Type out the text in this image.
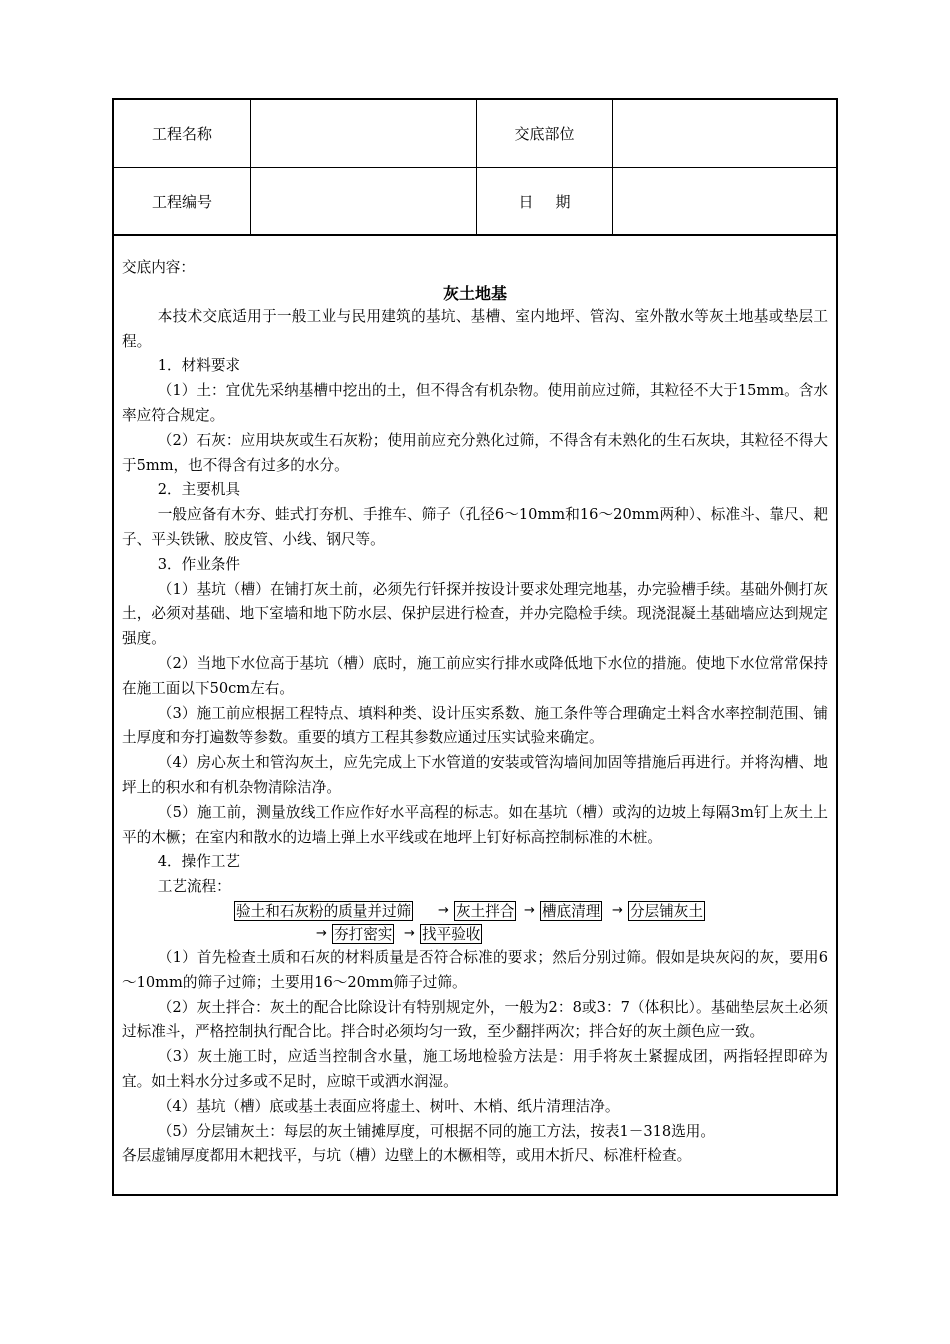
工程名称	交底部位
工程编号	日 期

交底内容：

灰土地基

本技术交底适用于一般工业与民用建筑的基坑、基槽、室内地坪、管沟、室外散水等灰土地基或垫层工程。

1．材料要求

（1）土：宜优先采纳基槽中挖出的土，但不得含有机杂物。使用前应过筛，其粒径不大于15mm。含水率应符合规定。

（2）石灰：应用块灰或生石灰粉；使用前应充分熟化过筛，不得含有未熟化的生石灰块，其粒径不得大于5mm，也不得含有过多的水分。

2．主要机具

一般应备有木夯、蛙式打夯机、手推车、筛子（孔径6～10mm和16～20mm两种）、标准斗、靠尺、耙子、平头铁锹、胶皮管、小线、钢尺等。

3．作业条件

（1）基坑（槽）在铺打灰土前，必须先行钎探并按设计要求处理完地基，办完验槽手续。基础外侧打灰土，必须对基础、地下室墙和地下防水层、保护层进行检查，并办完隐检手续。现浇混凝土基础墙应达到规定强度。

（2）当地下水位高于基坑（槽）底时，施工前应实行排水或降低地下水位的措施。使地下水位常常保持在施工面以下50cm左右。

（3）施工前应根据工程特点、填料种类、设计压实系数、施工条件等合理确定土料含水率控制范围、铺土厚度和夯打遍数等参数。重要的填方工程其参数应通过压实试验来确定。

（4）房心灰土和管沟灰土，应先完成上下水管道的安装或管沟墙间加固等措施后再进行。并将沟槽、地坪上的积水和有机杂物清除洁净。

（5）施工前，测量放线工作应作好水平高程的标志。如在基坑（槽）或沟的边坡上每隔3m钉上灰土上平的木橛；在室内和散水的边墙上弹上水平线或在地坪上钉好标高控制标准的木桩。

4．操作工艺

工艺流程：

验土和石灰粉的质量并过筛 → 灰土拌合 → 槽底清理 → 分层铺灰土
→ 夯打密实 → 找平验收

（1）首先检查土质和石灰的材料质量是否符合标准的要求；然后分别过筛。假如是块灰闷的灰，要用6～10mm的筛子过筛；土要用16～20mm筛子过筛。

（2）灰土拌合：灰土的配合比除设计有特别规定外，一般为2：8或3：7（体积比）。基础垫层灰土必须过标准斗，严格控制执行配合比。拌合时必须均匀一致，至少翻拌两次；拌合好的灰土颜色应一致。

（3）灰土施工时，应适当控制含水量，施工场地检验方法是：用手将灰土紧握成团，两指轻捏即碎为宜。如土料水分过多或不足时，应晾干或洒水润湿。

（4）基坑（槽）底或基土表面应将虚土、树叶、木梢、纸片清理洁净。

（5）分层铺灰土：每层的灰土铺摊厚度，可根据不同的施工方法，按表1－318选用。

各层虚铺厚度都用木耙找平，与坑（槽）边壁上的木橛相等，或用木折尺、标准杆检查。
